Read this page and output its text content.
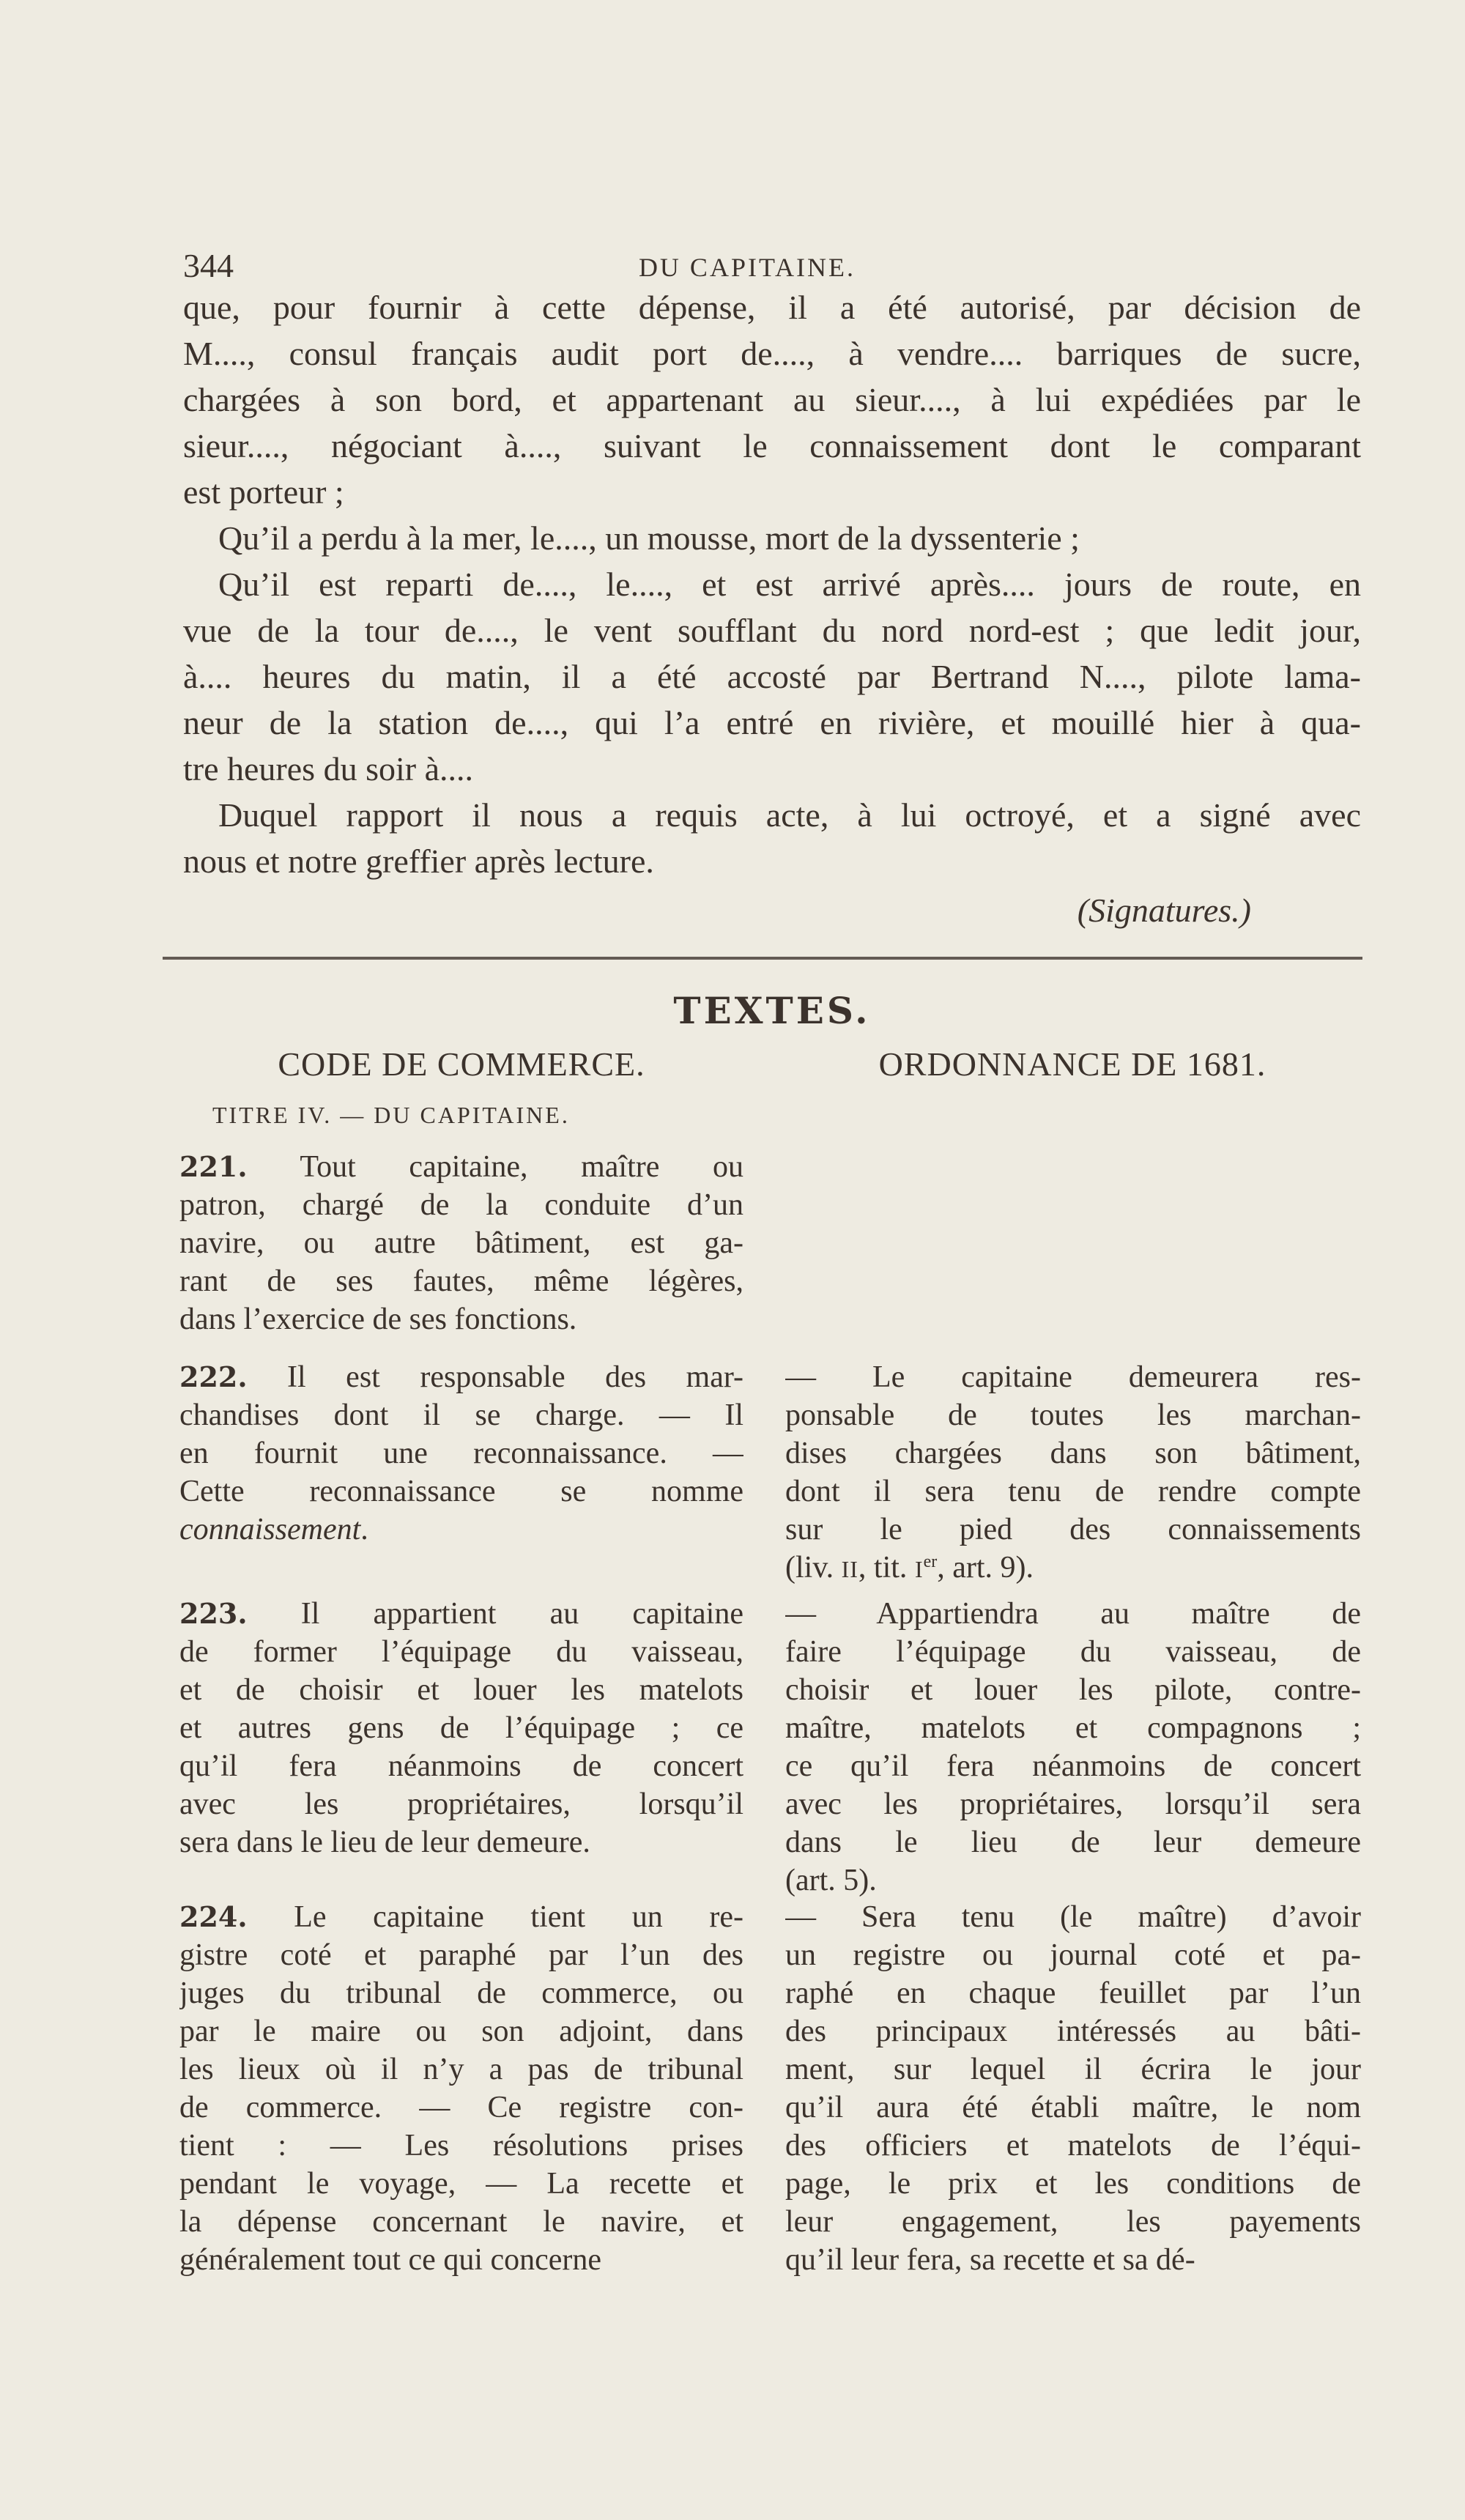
344	DU CAPITAINE.
que, pour fournir à cette dépense, il a été autorisé, par décision de
M...., consul français audit port de...., à vendre.... barriques de sucre,
chargées à son bord, et appartenant au sieur...., à lui expédiées par le
sieur...., négociant à...., suivant le connaissement dont le comparant
est porteur ;
Qu’il a perdu à la mer, le...., un mousse, mort de la dyssenterie ;
Qu’il est reparti de...., le...., et est arrivé après.... jours de route, en
vue de la tour de...., le vent soufflant du nord nord-est ; que ledit jour,
à.... heures du matin, il a été accosté par Bertrand N...., pilote lama-
neur de la station de...., qui l’a entré en rivière, et mouillé hier à qua-
tre heures du soir à....
Duquel rapport il nous a requis acte, à lui octroyé, et a signé avec
nous et notre greffier après lecture.
(Signatures.)
TEXTES.
CODE DE COMMERCE.	ORDONNANCE DE 1681.
TITRE IV. — DU CAPITAINE.
221. Tout capitaine, maître ou
patron, chargé de la conduite d’un
navire, ou autre bâtiment, est ga-
rant de ses fautes, même légères,
dans l’exercice de ses fonctions.
222. Il est responsable des mar-
chandises dont il se charge. — Il
en fournit une reconnaissance. —
Cette reconnaissance se nomme
connaissement.
223. Il appartient au capitaine
de former l’équipage du vaisseau,
et de choisir et louer les matelots
et autres gens de l’équipage ; ce
qu’il fera néanmoins de concert
avec les propriétaires, lorsqu’il
sera dans le lieu de leur demeure.
224. Le capitaine tient un re-
gistre coté et paraphé par l’un des
juges du tribunal de commerce, ou
par le maire ou son adjoint, dans
les lieux où il n’y a pas de tribunal
de commerce. — Ce registre con-
tient : — Les résolutions prises
pendant le voyage, — La recette et
la dépense concernant le navire, et
généralement tout ce qui concerne
— Le capitaine demeurera res-
ponsable de toutes les marchan-
dises chargées dans son bâtiment,
dont il sera tenu de rendre compte
sur le pied des connaissements
(liv. II, tit. Ier, art. 9).
— Appartiendra au maître de
faire l’équipage du vaisseau, de
choisir et louer les pilote, contre-
maître, matelots et compagnons ;
ce qu’il fera néanmoins de concert
avec les propriétaires, lorsqu’il sera
dans le lieu de leur demeure
(art. 5).
— Sera tenu (le maître) d’avoir
un registre ou journal coté et pa-
raphé en chaque feuillet par l’un
des principaux intéressés au bâti-
ment, sur lequel il écrira le jour
qu’il aura été établi maître, le nom
des officiers et matelots de l’équi-
page, le prix et les conditions de
leur engagement, les payements
qu’il leur fera, sa recette et sa dé-
